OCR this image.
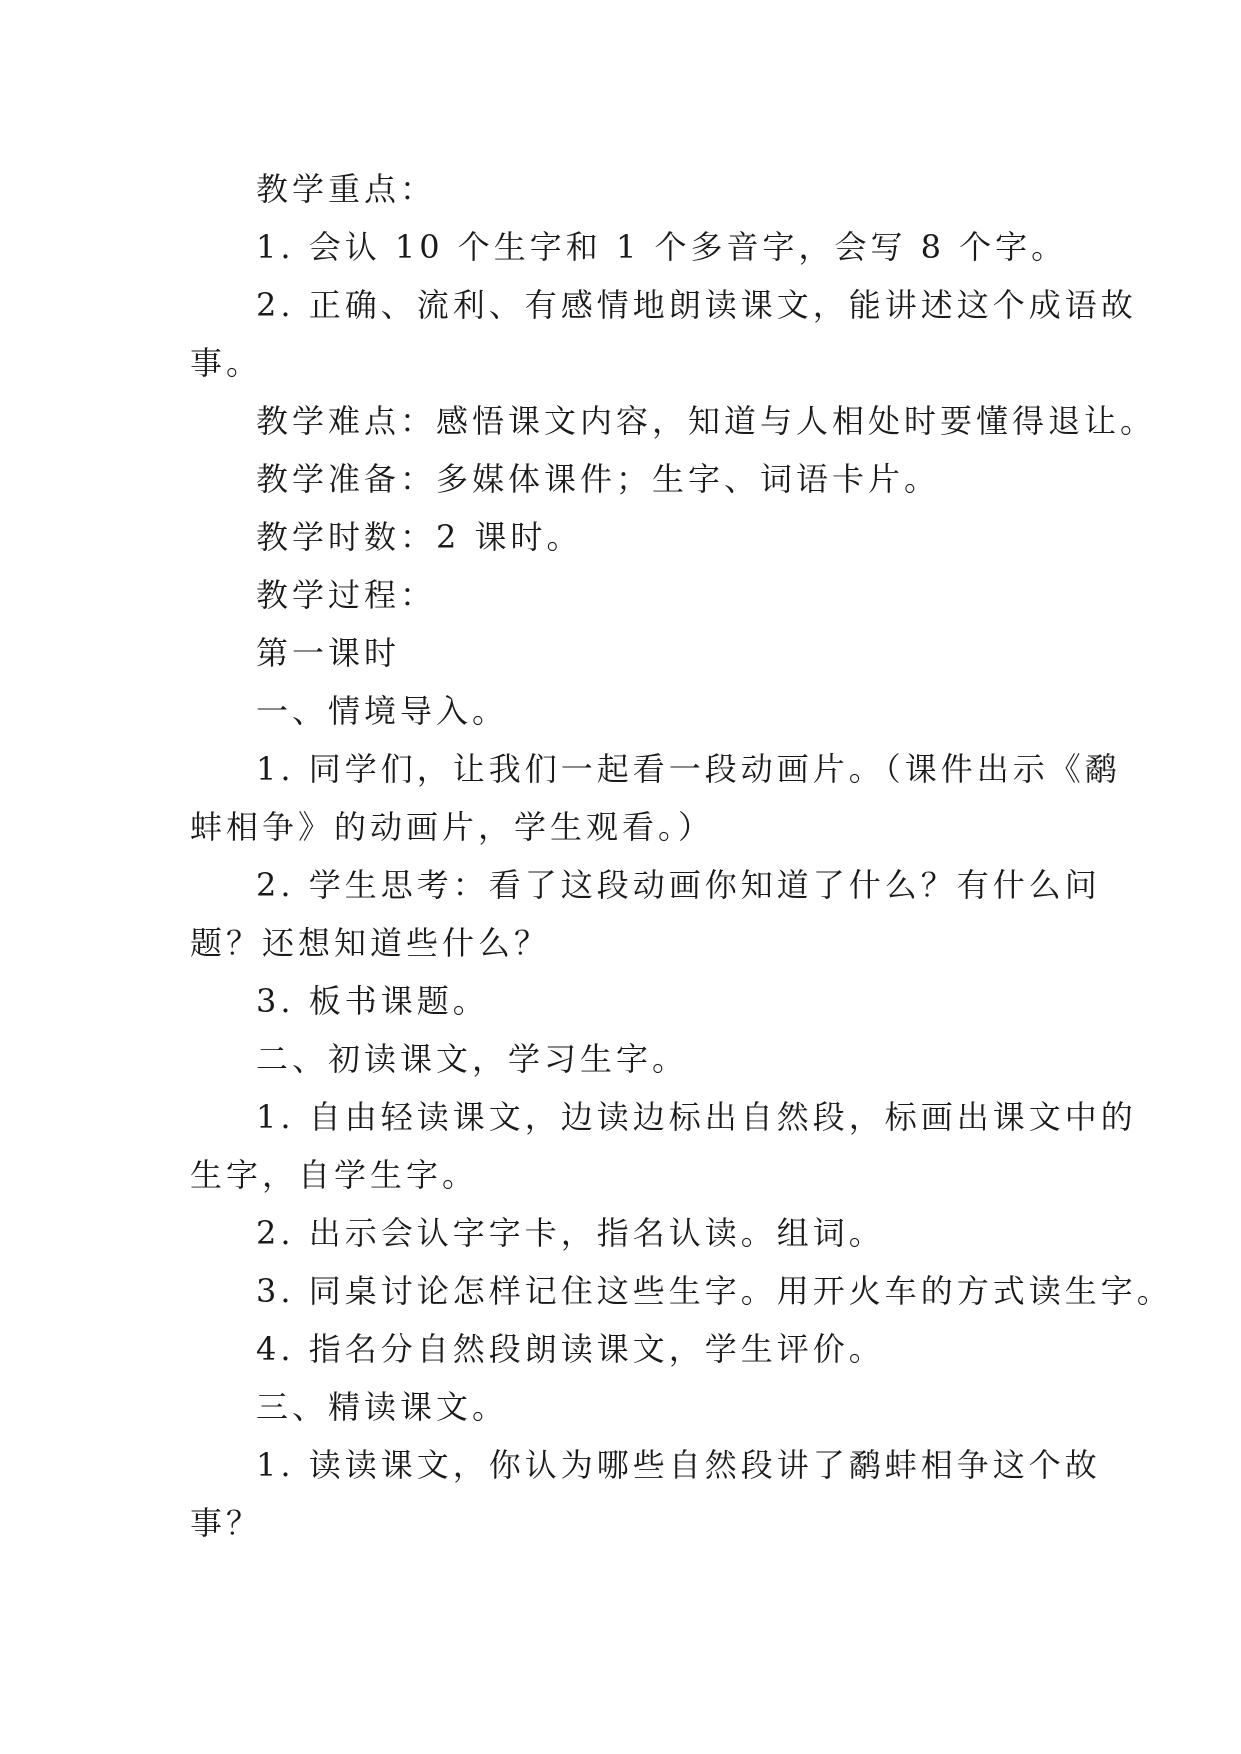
教学重点：
1. 会认 10 个生字和 1 个多音字，会写 8 个字。
2. 正确、流利、有感情地朗读课文，能讲述这个成语故
事。
教学难点：感悟课文内容，知道与人相处时要懂得退让。
教学准备：多媒体课件；生字、词语卡片。
教学时数：2 课时。
教学过程：
第一课时
一、情境导入。
1. 同学们，让我们一起看一段动画片。（课件出示《鹬
蚌相争》的动画片，学生观看。）
2. 学生思考：看了这段动画你知道了什么？有什么问
题？还想知道些什么？
3. 板书课题。
二、初读课文，学习生字。
1. 自由轻读课文，边读边标出自然段，标画出课文中的
生字，自学生字。
2. 出示会认字字卡，指名认读。组词。
3. 同桌讨论怎样记住这些生字。用开火车的方式读生字。
4. 指名分自然段朗读课文，学生评价。
三、精读课文。
1. 读读课文，你认为哪些自然段讲了鹬蚌相争这个故
事？
